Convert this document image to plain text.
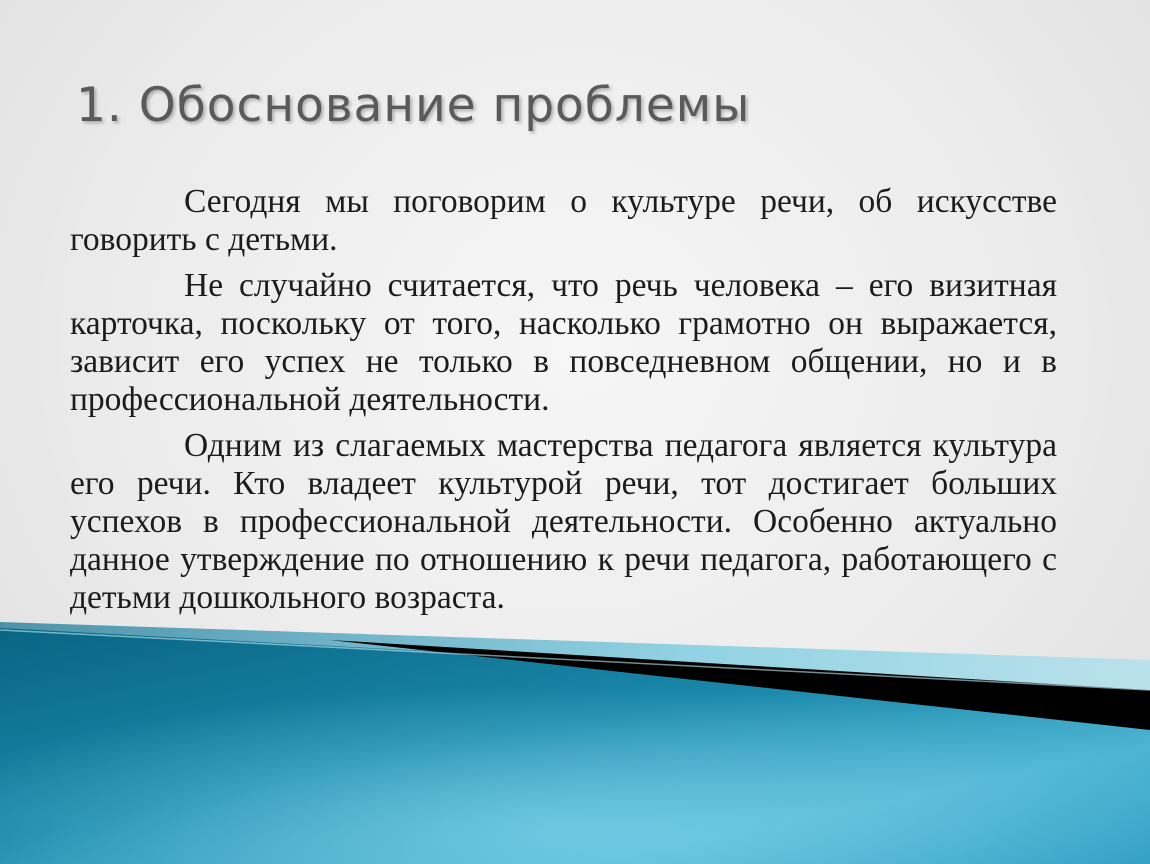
1. Обоснование проблемы

Сегодня мы поговорим о культуре речи, об искусстве говорить с детьми.

Не случайно считается, что речь человека – его визитная карточка, поскольку от того, насколько грамотно он выражается, зависит его успех не только в повседневном общении, но и в профессиональной деятельности.

Одним из слагаемых мастерства педагога является культура его речи. Кто владеет культурой речи, тот достигает больших успехов в профессиональной деятельности. Особенно актуально данное утверждение по отношению к речи педагога, работающего с детьми дошкольного возраста.
